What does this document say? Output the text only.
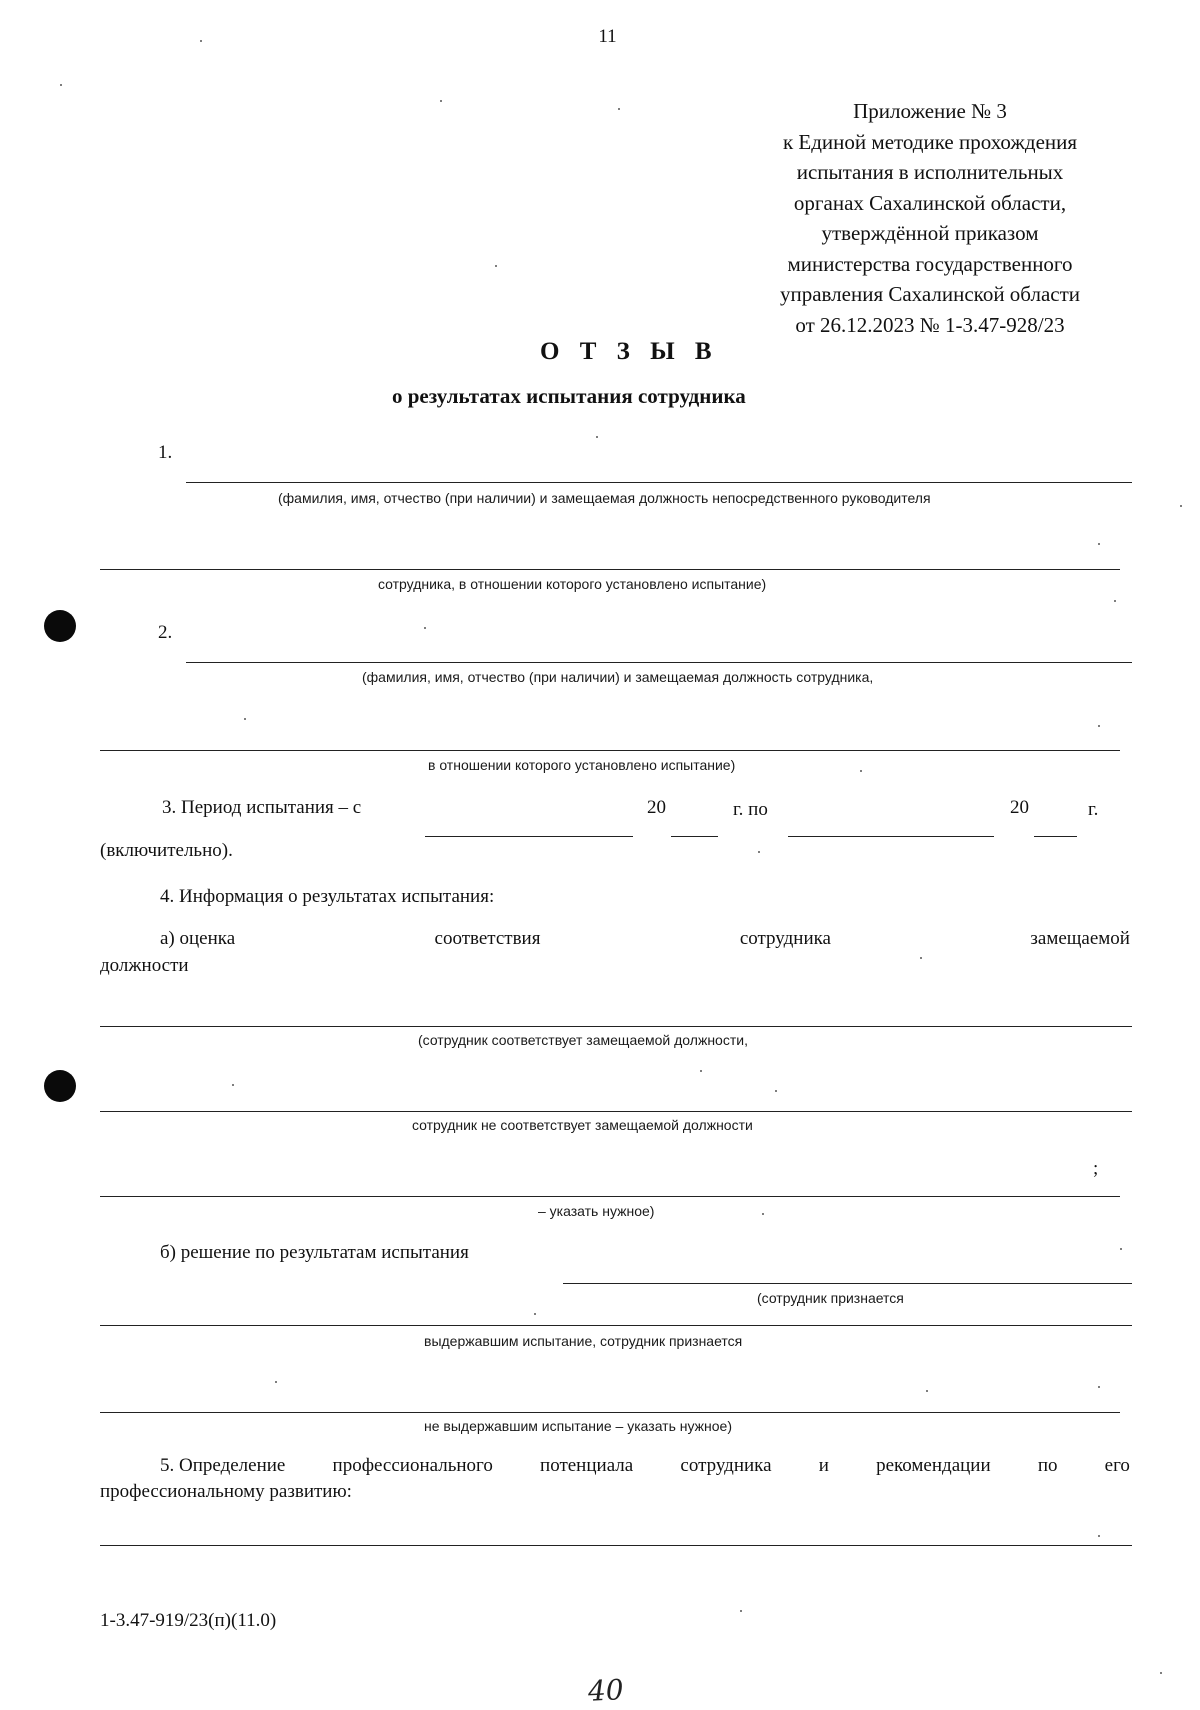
11
Приложение № 3
к Единой методике прохождения
испытания в исполнительных
органах Сахалинской области,
утверждённой приказом
министерства государственного
управления Сахалинской области
от 26.12.2023 № 1-3.47-928/23
О Т З Ы В
о результатах испытания сотрудника
1.
(фамилия, имя, отчество (при наличии) и замещаемая должность непосредственного руководителя
сотрудника, в отношении которого установлено испытание)
2.
(фамилия, имя, отчество (при наличии) и замещаемая должность сотрудника,
в отношении которого установлено испытание)
3. Период испытания – с	20	г. по	20	г.
(включительно).
4. Информация о результатах испытания:
а) оценка	соответствия	сотрудника	замещаемой
должности
(сотрудник соответствует замещаемой должности,
сотрудник не соответствует замещаемой должности
;
– указать нужное)
б) решение по результатам испытания
(сотрудник признается
выдержавшим испытание, сотрудник признается
не выдержавшим испытание – указать нужное)
5. Определение профессионального потенциала сотрудника и рекомендации по его
профессиональному развитию:
1-3.47-919/23(п)(11.0)
40
